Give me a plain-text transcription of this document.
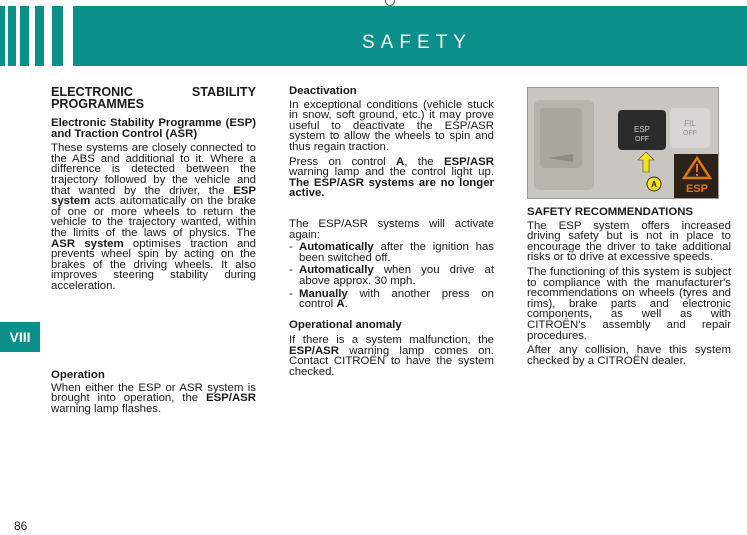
SAFETY
VIII
86

ELECTRONIC STABILITY PROGRAMMES

Electronic Stability Programme (ESP) and Traction Control (ASR)

These systems are closely connected to the ABS and additional to it. Where a difference is detected between the trajectory followed by the vehicle and that wanted by the driver, the ESP system acts automatically on the brake of one or more wheels to return the vehicle to the trajectory wanted, within the limits of the laws of physics. The ASR system optimises traction and prevents wheel spin by acting on the brakes of the driving wheels. It also improves steering stability during acceleration.

Operation

When either the ESP or ASR system is brought into operation, the ESP/ASR warning lamp flashes.

Deactivation

In exceptional conditions (vehicle stuck in snow, soft ground, etc.) it may prove useful to deactivate the ESP/ASR system to allow the wheels to spin and thus regain traction.

Press on control A, the ESP/ASR warning lamp and the control light up. The ESP/ASR systems are no longer active.

The ESP/ASR systems will activate again:

- Automatically after the ignition has been switched off.
- Automatically when you drive at above approx. 30 mph.
- Manually with another press on control A.

Operational anomaly

If there is a system malfunction, the ESP/ASR warning lamp comes on. Contact CITROËN to have the system checked.

ESP
OFF
FIL
OFF
A	ESP

SAFETY RECOMMENDATIONS

The ESP system offers increased driving safety but is not in place to encourage the driver to take additional risks or to drive at excessive speeds.

The functioning of this system is subject to compliance with the manufacturer's recommendations on wheels (tyres and rims), brake parts and electronic components, as well as with CITROËN's assembly and repair procedures.

After any collision, have this system checked by a CITROËN dealer.
